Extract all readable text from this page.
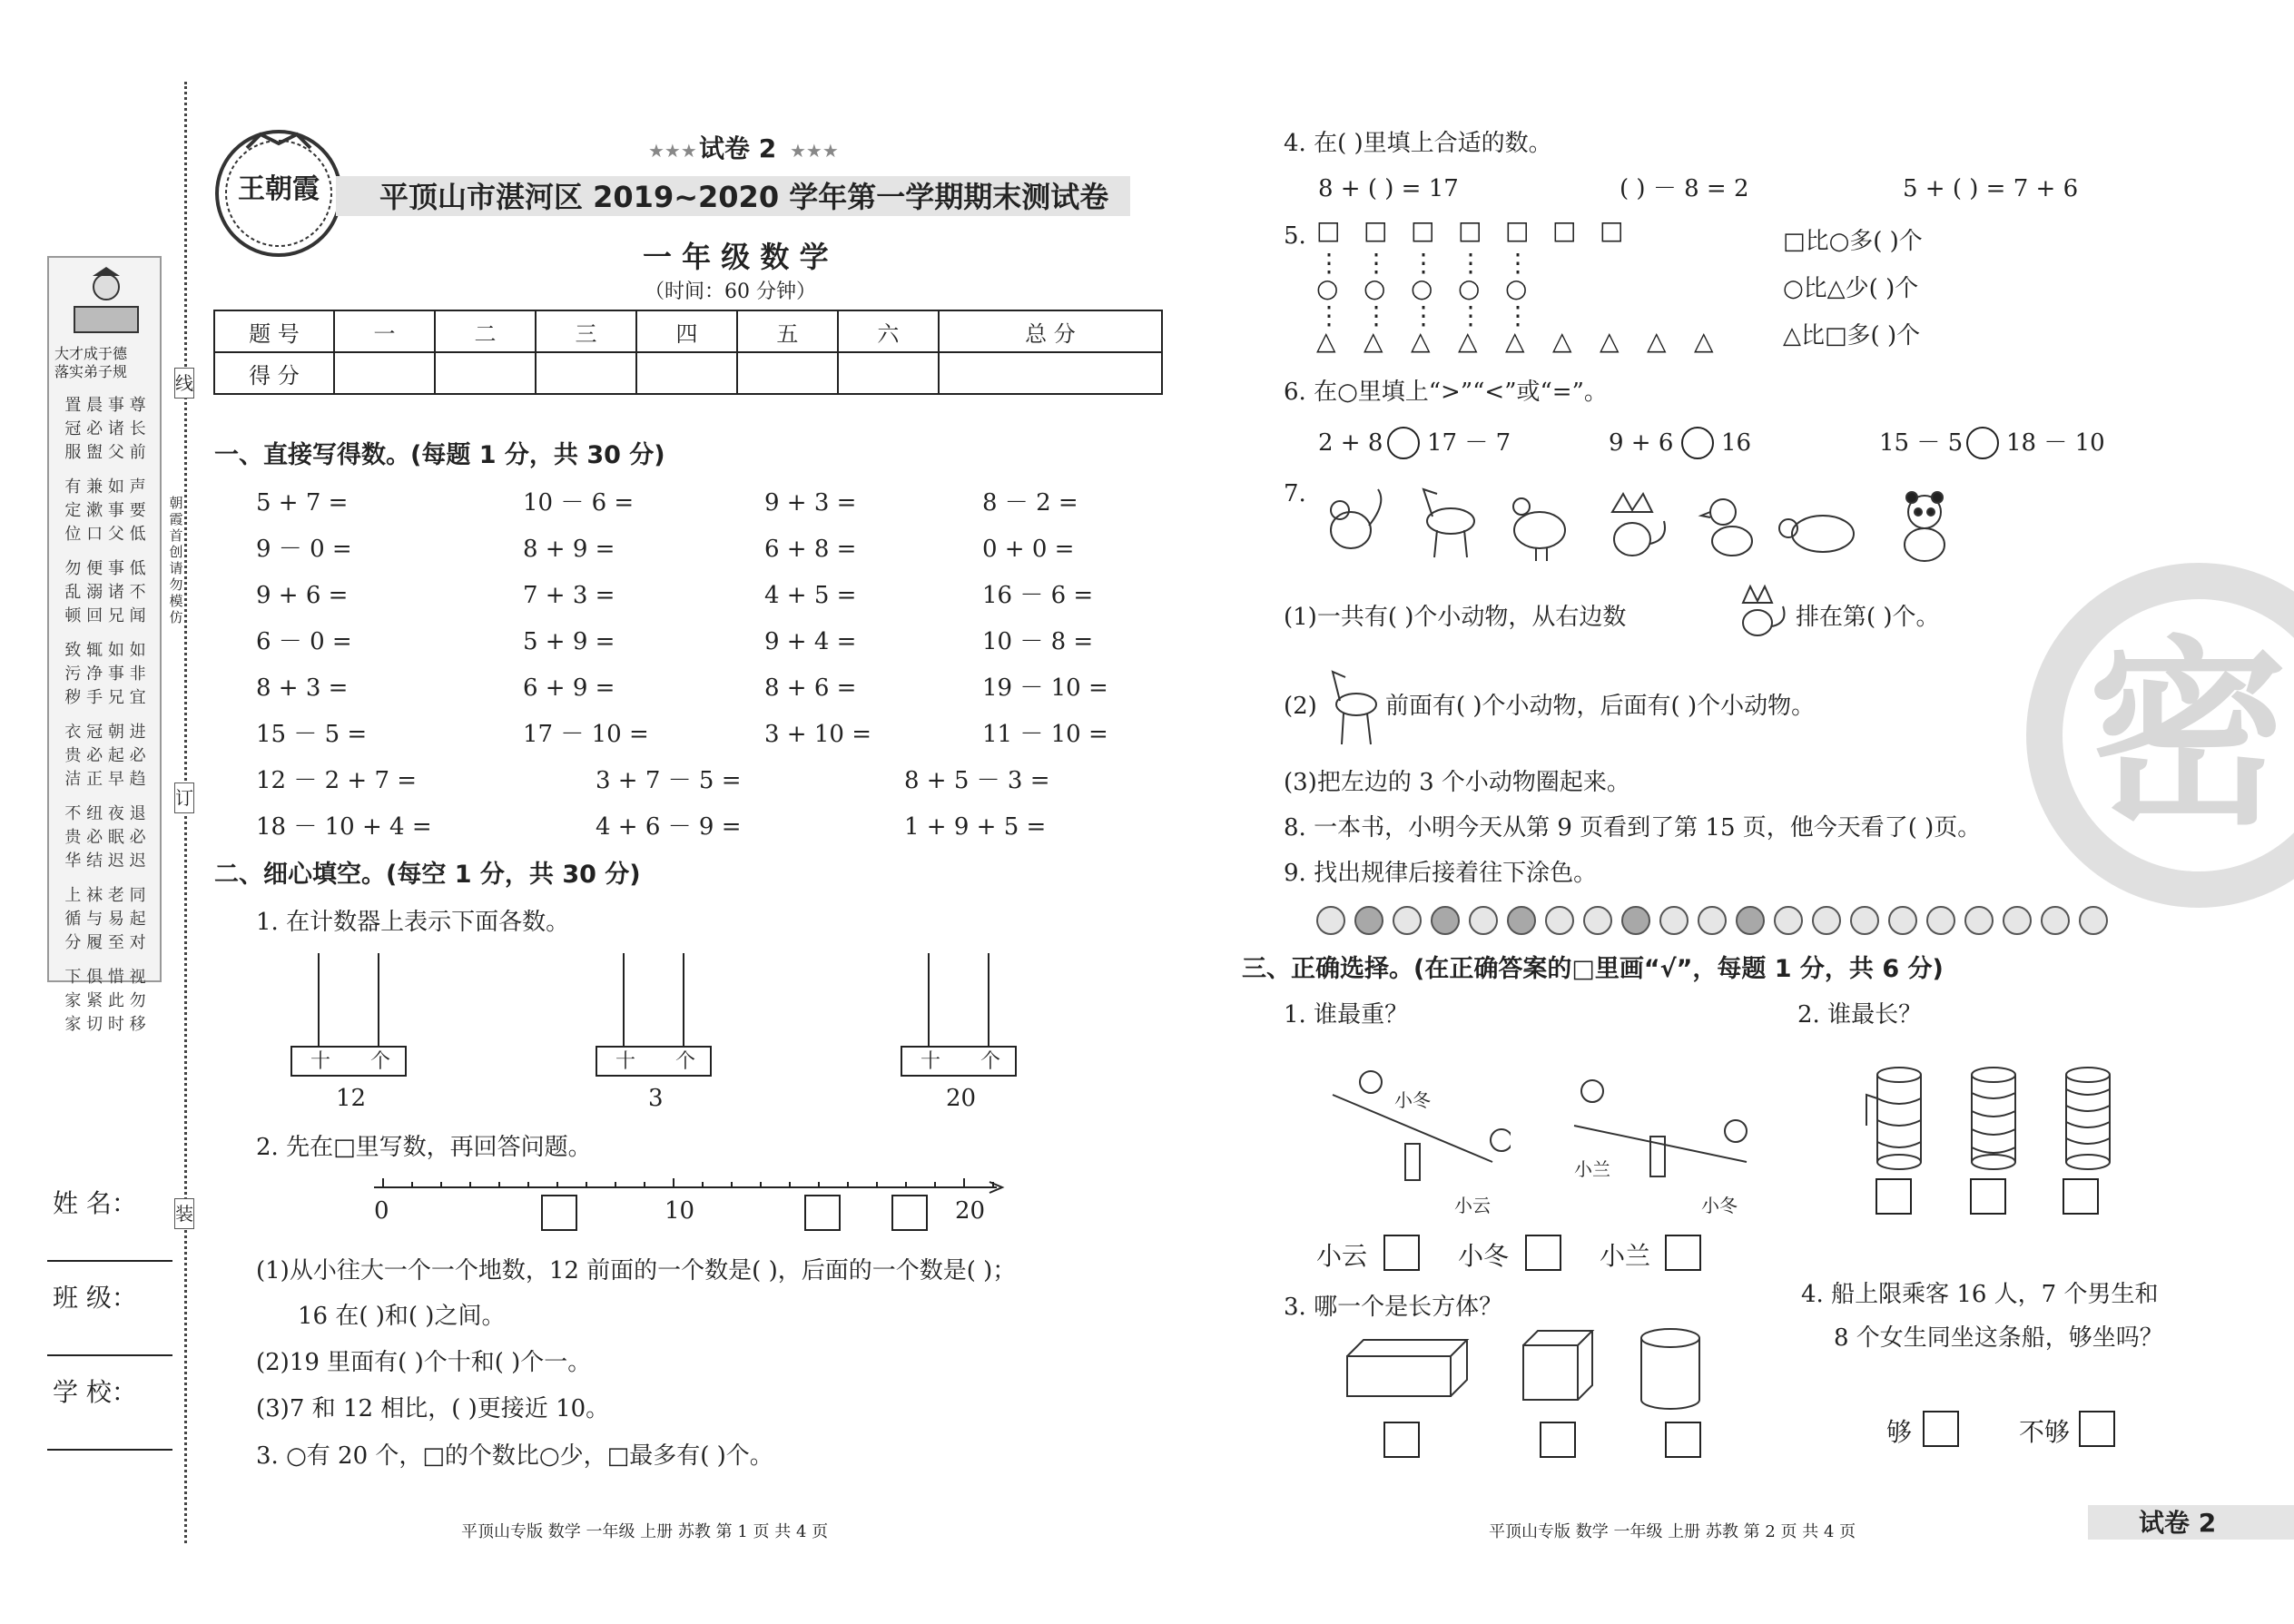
线
订
装
朝霞首创 请勿模仿
大才成于德
落实弟子规
置 晨 事 尊
冠 必 诸 长
服 盥 父 前
有 兼 如 声
定 漱 事 要
位 口 父 低
勿 便 事 低
乱 溺 诸 不
顿 回 兄 闻
致 辄 如 如
污 净 事 非
秽 手 兄 宜
衣 冠 朝 进
贵 必 起 必
洁 正 早 趋
不 纽 夜 退
贵 必 眠 必
华 结 迟 迟
上 袜 老 同
循 与 易 起
分 履 至 对
下 俱 惜 视
家 紧 此 勿
家 切 时 移
姓 名：
班 级：
学 校：
王朝霞
试卷 2
★★★	★★★
平顶山市湛河区 2019~2020 学年第一学期期末测试卷
一 年 级 数 学
（时间：60 分钟）
题 号	一	二	三	四	五	六	总 分
得 分							
一、直接写得数。(每题 1 分，共 30 分)
5 + 7 =	10 － 6 =	9 + 3 =	8 － 2 =
9 － 0 =	8 + 9 =	6 + 8 =	0 + 0 =
9 + 6 =	7 + 3 =	4 + 5 =	16 － 6 =
6 － 0 =	5 + 9 =	9 + 4 =	10 － 8 =
8 + 3 =	6 + 9 =	8 + 6 =	19 － 10 =
15 － 5 =	17 － 10 =	3 + 10 =	11 － 10 =
12 － 2 + 7 =	3 + 7 － 5 =	8 + 5 － 3 =
18 － 10 + 4 =	4 + 6 － 9 =	1 + 9 + 5 =
二、细心填空。(每空 1 分，共 30 分)
1. 在计数器上表示下面各数。
十 个
12
十 个
3
十 个
20
2. 先在□里写数，再回答问题。
0	10	20
(1)从小往大一个一个地数，12 前面的一个数是( )，后面的一个数是( )；
16 在( )和( )之间。
(2)19 里面有( )个十和( )个一。
(3)7 和 12 相比，( )更接近 10。
3. ○有 20 个，□的个数比○少，□最多有( )个。
平顶山专版 数学 一年级 上册 苏教 第 1 页 共 4 页
4. 在( )里填上合适的数。
8 + ( ) = 17	( ) － 8 = 2	5 + ( ) = 7 + 6
5. □ □ □ □ □ □ □
⋮ ⋮ ⋮ ⋮ ⋮
○ ○ ○ ○ ○
⋮ ⋮ ⋮ ⋮ ⋮
△ △ △ △ △ △ △ △ △
□比○多( )个
○比△少( )个
△比□多( )个
6. 在○里填上“>”“<”或“=”。
2 + 8 17 － 7	9 + 6 16	15 － 5 18 － 10
7.
(1)一共有( )个小动物，从右边数	排在第( )个。
(2)	前面有( )个小动物，后面有( )个小动物。
(3)把左边的 3 个小动物圈起来。
8. 一本书，小明今天从第 9 页看到了第 15 页，他今天看了( )页。
9. 找出规律后接着往下涂色。
密
三、正确选择。(在正确答案的□里画“√”，每题 1 分，共 6 分)
1. 谁最重？	2. 谁最长？
小冬
小云
小兰
小冬
小云	小冬	小兰
3. 哪一个是长方体？	4. 船上限乘客 16 人，7 个男生和
8 个女生同坐这条船，够坐吗？
够	不够
平顶山专版 数学 一年级 上册 苏教 第 2 页 共 4 页	试卷 2
